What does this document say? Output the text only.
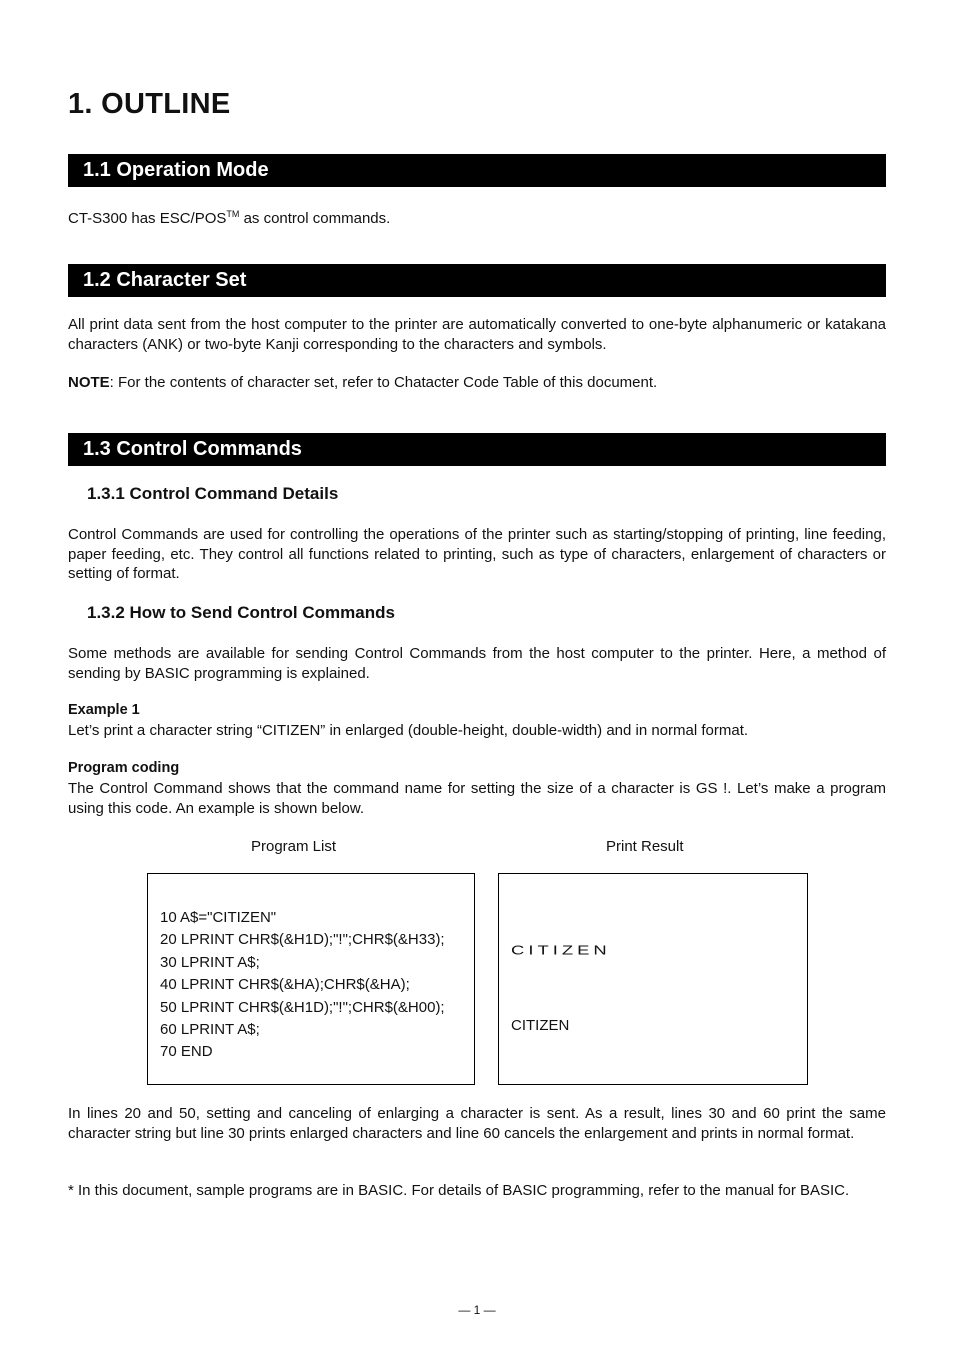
1. OUTLINE
1.1 Operation Mode

CT-S300 has ESC/POS™ as control commands.

1.2 Character Set

All print data sent from the host computer to the printer are automatically converted to one-byte alphanumeric or katakana characters (ANK) or two-byte Kanji corresponding to the characters and symbols.

NOTE: For the contents of character set, refer to Chatacter Code Table of this document.

1.3 Control Commands
1.3.1 Control Command Details

Control Commands are used for controlling the operations of the printer such as starting/stopping of printing, line feeding, paper feeding, etc. They control all functions related to printing, such as type of characters, enlargement of characters or setting of format.

1.3.2 How to Send Control Commands

Some methods are available for sending Control Commands from the host computer to the printer. Here, a method of sending by BASIC programming is explained.

Example 1

Let’s print a character string “CITIZEN” in enlarged (double-height, double-width) and in normal format.

Program coding

The Control Command shows that the command name for setting the size of a character is GS !. Let’s make a program using this code. An example is shown below.

Program List	Print Result

10 A$="CITIZEN"
20 LPRINT CHR$(&H1D);"!";CHR$(&H33);
30 LPRINT A$;
40 LPRINT CHR$(&HA);CHR$(&HA);
50 LPRINT CHR$(&H1D);"!";CHR$(&H00);
60 LPRINT A$;
70 END
CITIZEN
CITIZEN

In lines 20 and 50, setting and canceling of enlarging a character is sent. As a result, lines 30 and 60 print the same character string but line 30 prints enlarged characters and line 60 cancels the enlargement and prints in normal format.

* In this document, sample programs are in BASIC. For details of BASIC programming, refer to the manual for BASIC.

— 1 —
